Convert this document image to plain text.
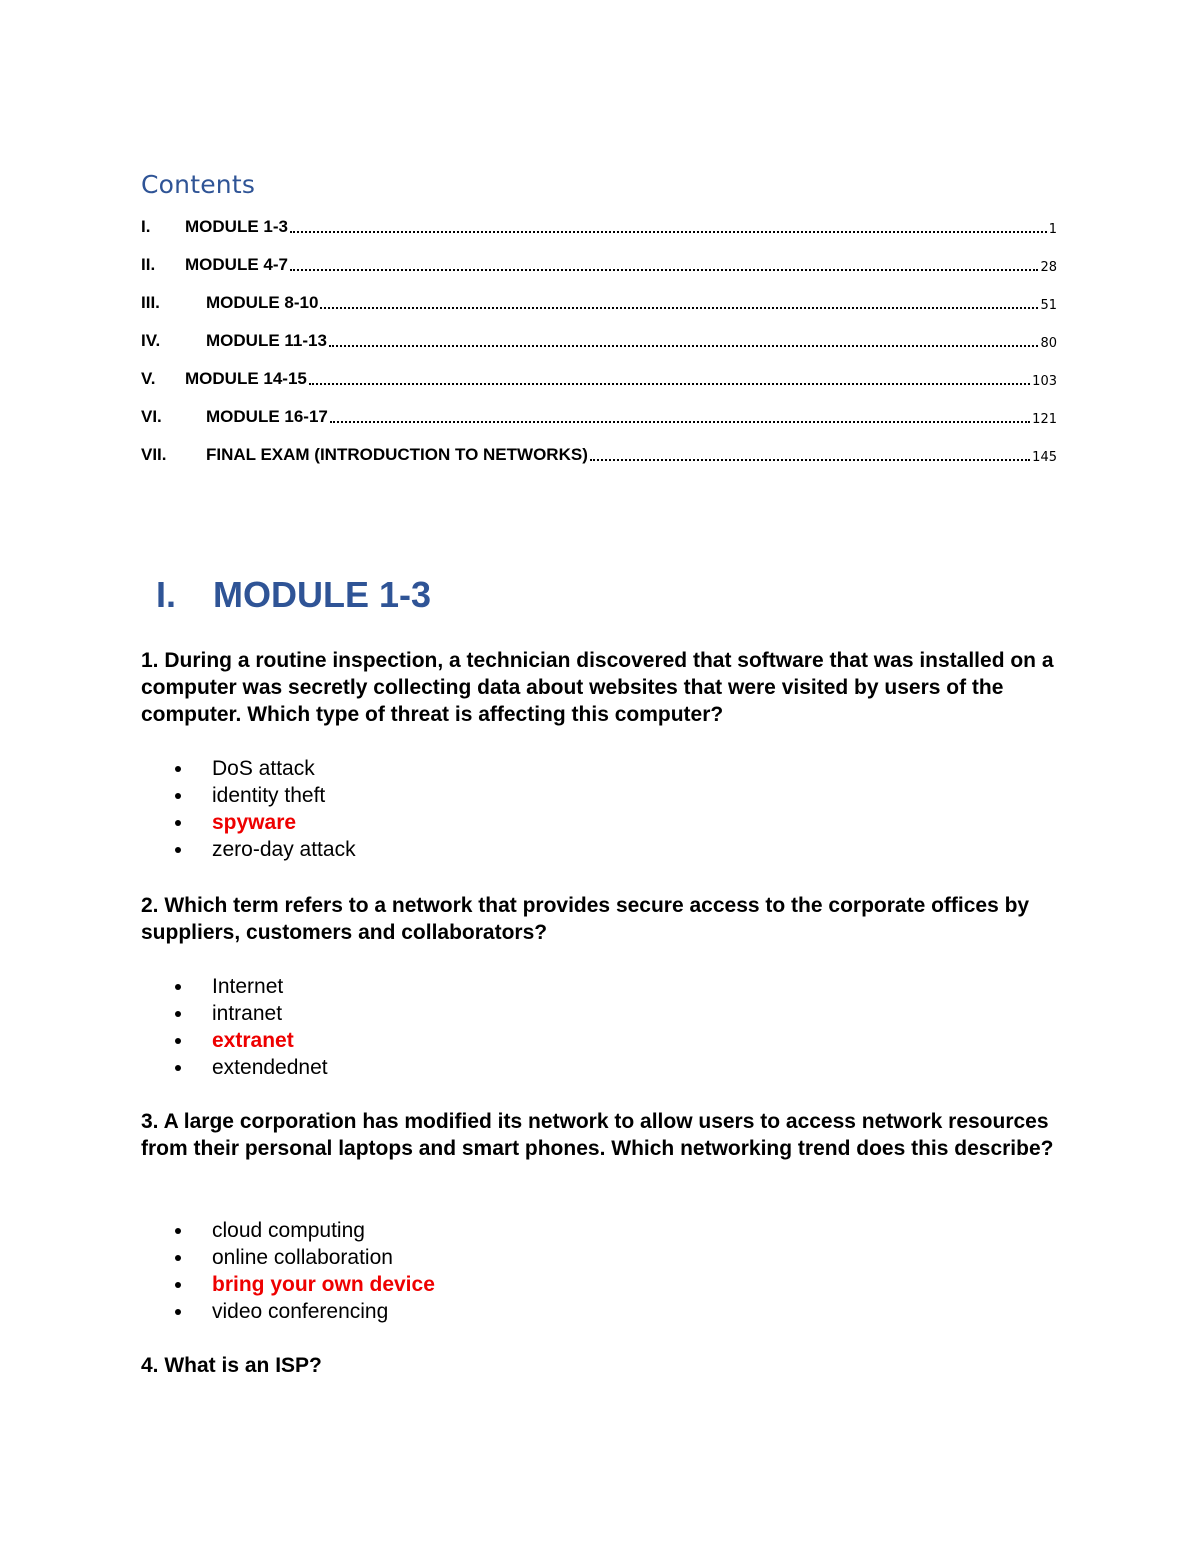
Contents
I.	MODULE 1-3	1
II.	MODULE 4-7	28
III.	MODULE 8-10	51
IV.	MODULE 11-13	80
V.	MODULE 14-15	103
VI.	MODULE 16-17	121
VII.	FINAL EXAM (INTRODUCTION TO NETWORKS)	145
I. MODULE 1-3

1. During a routine inspection, a technician discovered that software that was installed on a computer was secretly collecting data about websites that were visited by users of the computer. Which type of threat is affecting this computer?

DoS attack
identity theft
spyware
zero-day attack

2. Which term refers to a network that provides secure access to the corporate offices by suppliers, customers and collaborators?

Internet
intranet
extranet
extendednet

3. A large corporation has modified its network to allow users to access network resources from their personal laptops and smart phones. Which networking trend does this describe?

cloud computing
online collaboration
bring your own device
video conferencing

4. What is an ISP?
